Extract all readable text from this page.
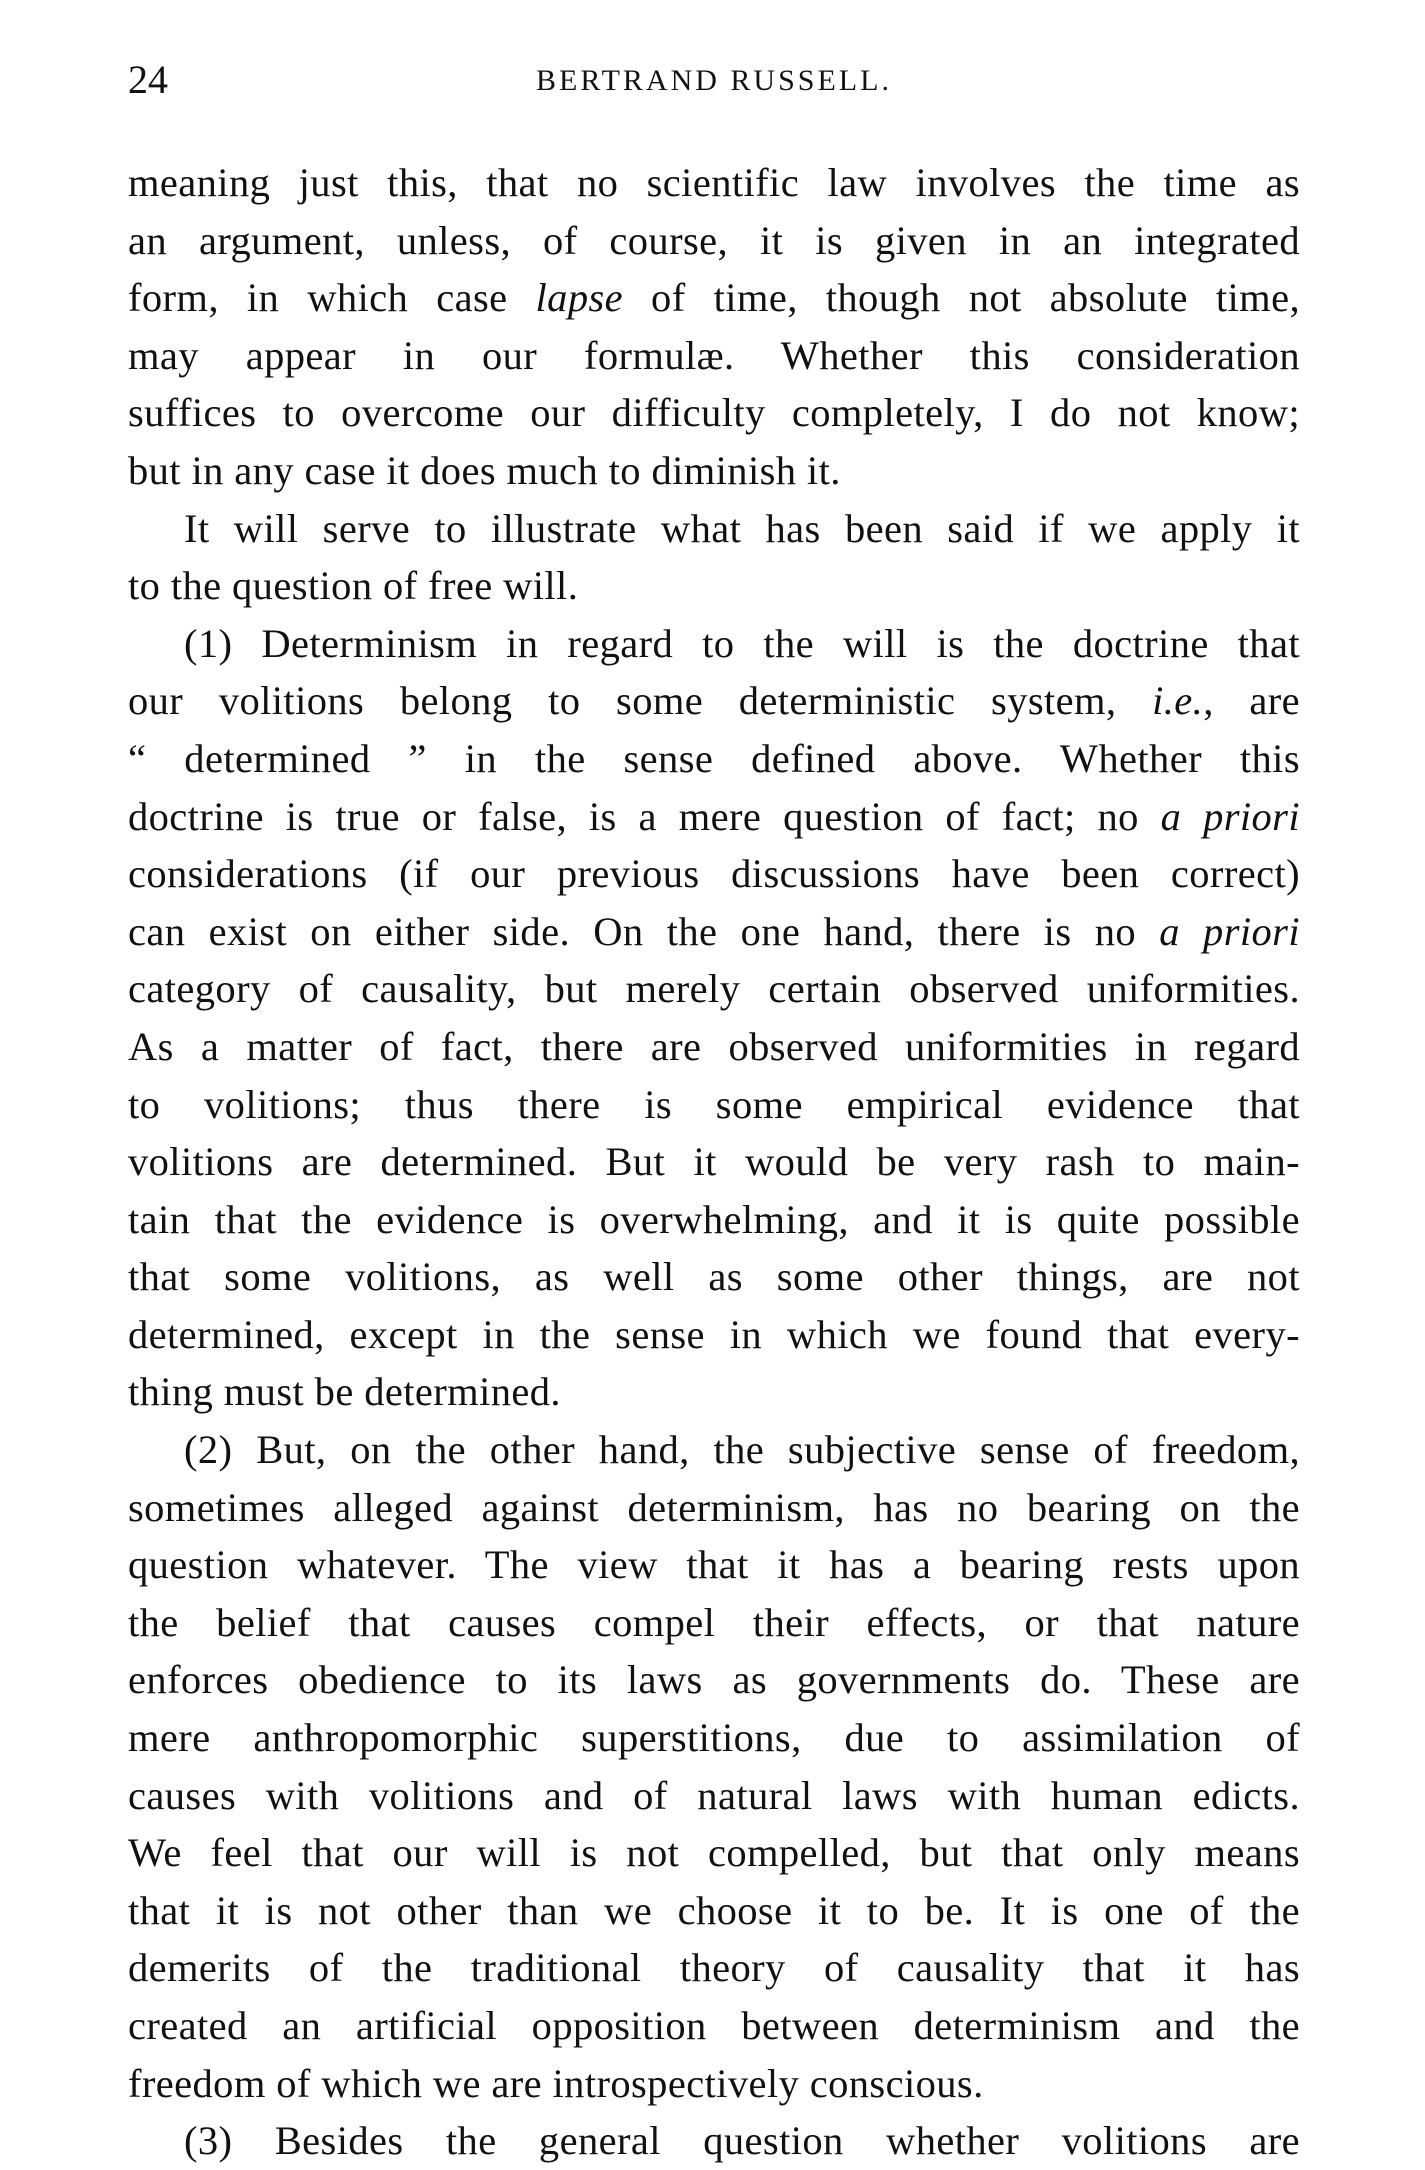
24	BERTRAND RUSSELL.

meaning just this, that no scientific law involves the time as
an argument, unless, of course, it is given in an integrated
form, in which case lapse of time, though not absolute time,
may appear in our formulæ. Whether this consideration
suffices to overcome our difficulty completely, I do not know;
but in any case it does much to diminish it.

It will serve to illustrate what has been said if we apply it
to the question of free will.

(1) Determinism in regard to the will is the doctrine that
our volitions belong to some deterministic system, i.e., are
“ determined ” in the sense defined above. Whether this
doctrine is true or false, is a mere question of fact; no a priori
considerations (if our previous discussions have been correct)
can exist on either side. On the one hand, there is no a priori
category of causality, but merely certain observed uniformities.
As a matter of fact, there are observed uniformities in regard
to volitions; thus there is some empirical evidence that
volitions are determined. But it would be very rash to main-
tain that the evidence is overwhelming, and it is quite possible
that some volitions, as well as some other things, are not
determined, except in the sense in which we found that every-
thing must be determined.

(2) But, on the other hand, the subjective sense of freedom,
sometimes alleged against determinism, has no bearing on the
question whatever. The view that it has a bearing rests upon
the belief that causes compel their effects, or that nature
enforces obedience to its laws as governments do. These are
mere anthropomorphic superstitions, due to assimilation of
causes with volitions and of natural laws with human edicts.
We feel that our will is not compelled, but that only means
that it is not other than we choose it to be. It is one of the
demerits of the traditional theory of causality that it has
created an artificial opposition between determinism and the
freedom of which we are introspectively conscious.

(3) Besides the general question whether volitions are
